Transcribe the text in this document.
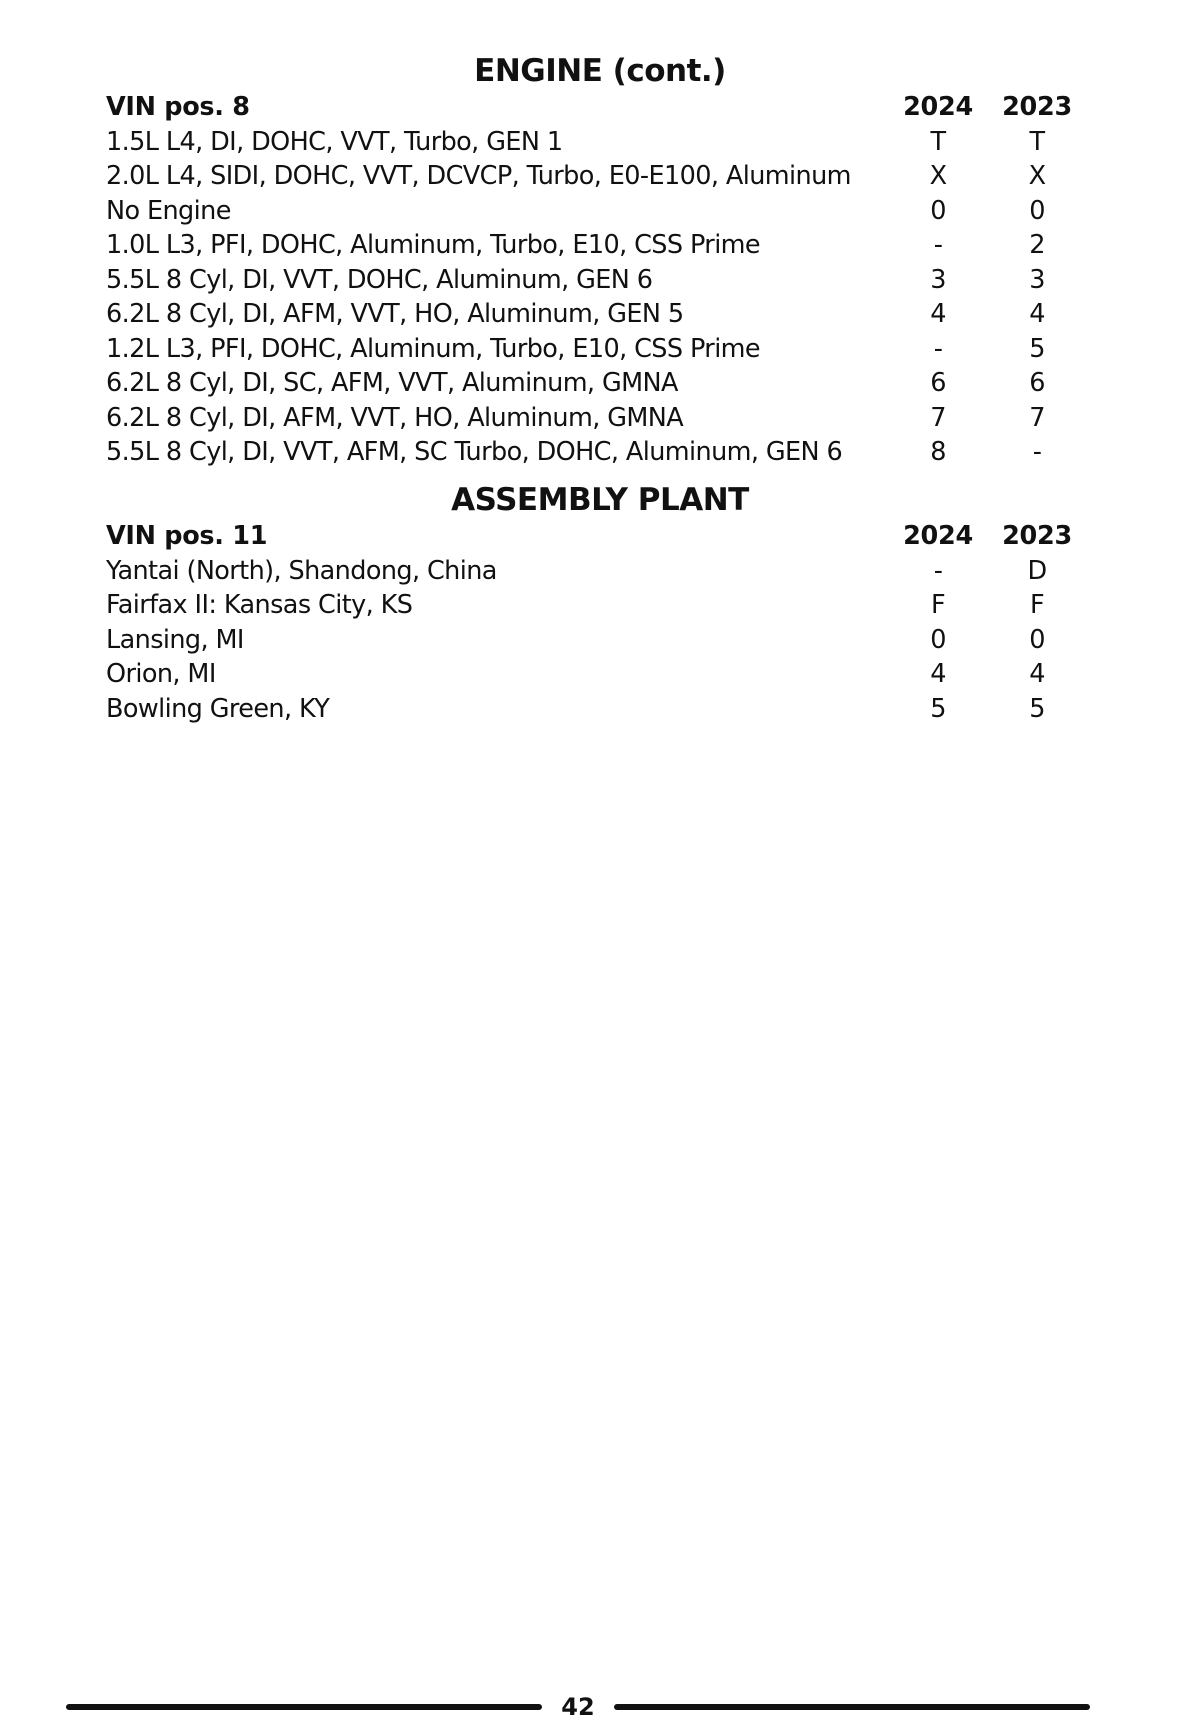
ENGINE (cont.)
VIN pos. 8	2024 2023
1.5L L4, DI, DOHC, VVT, Turbo, GEN 1	T	T
2.0L L4, SIDI, DOHC, VVT, DCVCP, Turbo, E0-E100, Aluminum	X	X
No Engine	0	0
1.0L L3, PFI, DOHC, Aluminum, Turbo, E10, CSS Prime	-	2
5.5L 8 Cyl, DI, VVT, DOHC, Aluminum, GEN 6	3	3
6.2L 8 Cyl, DI, AFM, VVT, HO, Aluminum, GEN 5	4	4
1.2L L3, PFI, DOHC, Aluminum, Turbo, E10, CSS Prime	-	5
6.2L 8 Cyl, DI, SC, AFM, VVT, Aluminum, GMNA	6	6
6.2L 8 Cyl, DI, AFM, VVT, HO, Aluminum, GMNA	7	7
5.5L 8 Cyl, DI, VVT, AFM, SC Turbo, DOHC, Aluminum, GEN 6	8	-
ASSEMBLY PLANT
VIN pos. 11	2024 2023
Yantai (North), Shandong, China	-	D
Fairfax II: Kansas City, KS	F	F
Lansing, MI	0	0
Orion, MI	4	4
Bowling Green, KY	5	5
42
